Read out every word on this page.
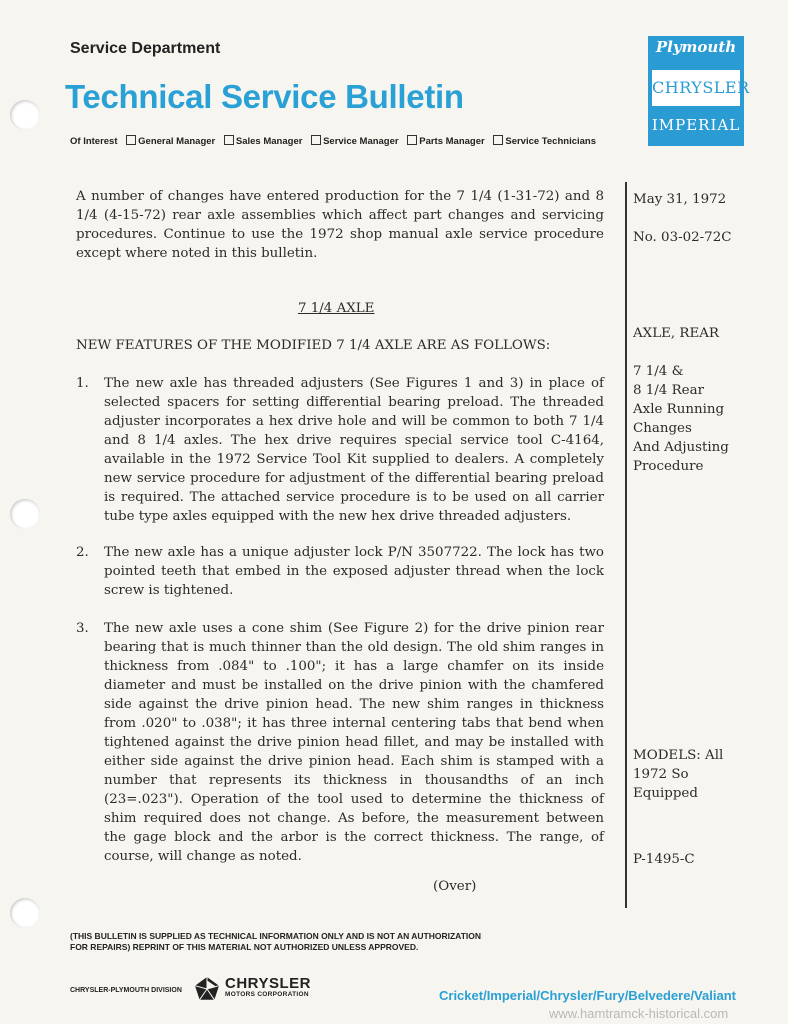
Service Department
Technical Service Bulletin
Of Interest General Manager Sales Manager Service Manager Parts Manager Service Technicians
Plymouth
CHRYSLER
IMPERIAL

A number of changes have entered production for the 7 1/4 (1-31-72) and 8 1/4 (4-15-72) rear axle assemblies which affect part changes and servicing procedures. Continue to use the 1972 shop manual axle service procedure except where noted in this bulletin.

7 1/4 AXLE
NEW FEATURES OF THE MODIFIED 7 1/4 AXLE ARE AS FOLLOWS:
1. The new axle has threaded adjusters (See Figures 1 and 3) in place of selected spacers for setting differential bearing preload. The threaded adjuster incorporates a hex drive hole and will be common to both 7 1/4 and 8 1/4 axles. The hex drive requires special service tool C-4164, available in the 1972 Service Tool Kit supplied to dealers. A completely new service procedure for adjustment of the differential bearing preload is required. The attached service procedure is to be used on all carrier tube type axles equipped with the new hex drive threaded adjusters.
2. The new axle has a unique adjuster lock P/N 3507722. The lock has two pointed teeth that embed in the exposed adjuster thread when the lock screw is tightened.
3. The new axle uses a cone shim (See Figure 2) for the drive pinion rear bearing that is much thinner than the old design. The old shim ranges in thickness from .084" to .100"; it has a large chamfer on its inside diameter and must be installed on the drive pinion with the chamfered side against the drive pinion head. The new shim ranges in thickness from .020" to .038"; it has three internal centering tabs that bend when tightened against the drive pinion head fillet, and may be installed with either side against the drive pinion head. Each shim is stamped with a number that represents its thickness in thousandths of an inch (23=.023"). Operation of the tool used to determine the thickness of shim required does not change. As before, the measurement between the gage block and the arbor is the correct thickness. The range, of course, will change as noted.
(Over)
May 31, 1972
No. 03-02-72C
AXLE, REAR
7 1/4 &
8 1/4 Rear
Axle Running
Changes
And Adjusting
Procedure
MODELS: All
1972 So
Equipped
P-1495-C
(THIS BULLETIN IS SUPPLIED AS TECHNICAL INFORMATION ONLY AND IS NOT AN AUTHORIZATION
FOR REPAIRS) REPRINT OF THIS MATERIAL NOT AUTHORIZED UNLESS APPROVED.
CHRYSLER-PLYMOUTH DIVISION	CHRYSLER
MOTORS CORPORATION	Cricket/Imperial/Chrysler/Fury/Belvedere/Valiant
www.hamtramck-historical.com
